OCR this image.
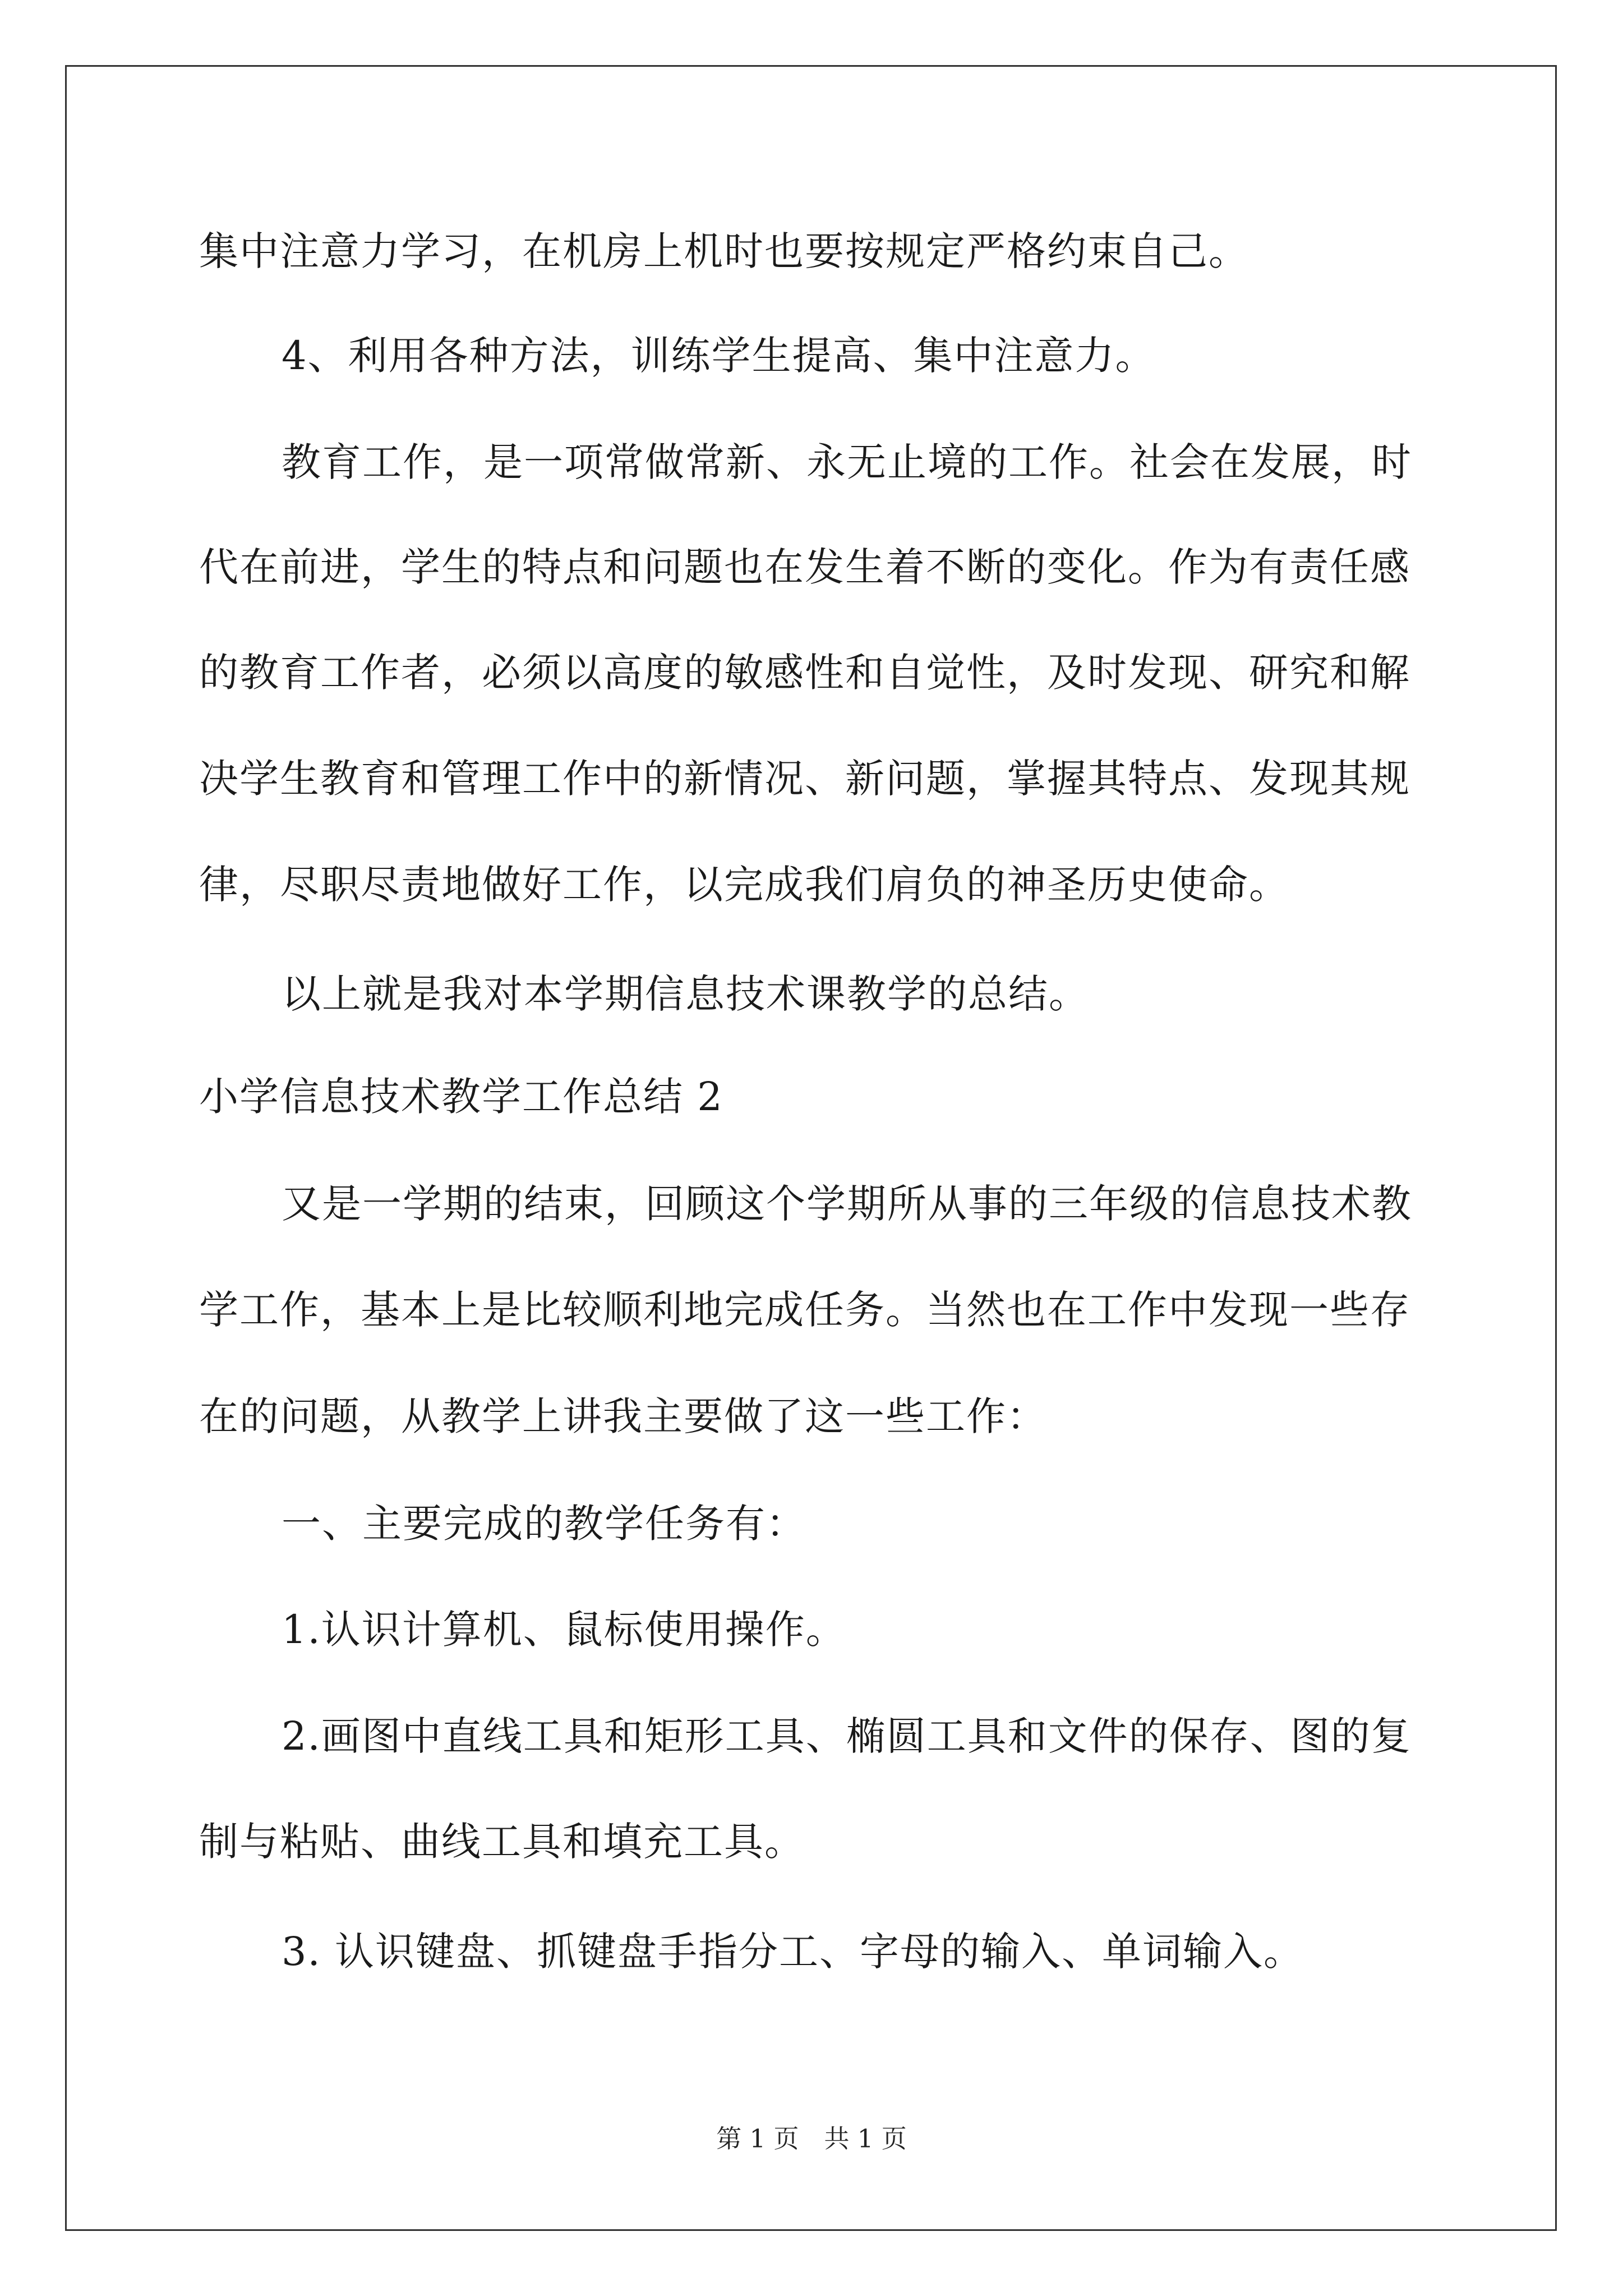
集中注意力学习，在机房上机时也要按规定严格约束自己。
4、利用各种方法，训练学生提高、集中注意力。
教育工作，是一项常做常新、永无止境的工作。社会在发展，时
代在前进，学生的特点和问题也在发生着不断的变化。作为有责任感
的教育工作者，必须以高度的敏感性和自觉性，及时发现、研究和解
决学生教育和管理工作中的新情况、新问题，掌握其特点、发现其规
律，尽职尽责地做好工作，以完成我们肩负的神圣历史使命。
以上就是我对本学期信息技术课教学的总结。
小学信息技术教学工作总结 2
又是一学期的结束，回顾这个学期所从事的三年级的信息技术教
学工作，基本上是比较顺利地完成任务。当然也在工作中发现一些存
在的问题，从教学上讲我主要做了这一些工作：
一、主要完成的教学任务有：
1.认识计算机、鼠标使用操作。
2.画图中直线工具和矩形工具、椭圆工具和文件的保存、图的复
制与粘贴、曲线工具和填充工具。
3. 认识键盘、抓键盘手指分工、字母的输入、单词输入。
第 1 页　共 1 页
